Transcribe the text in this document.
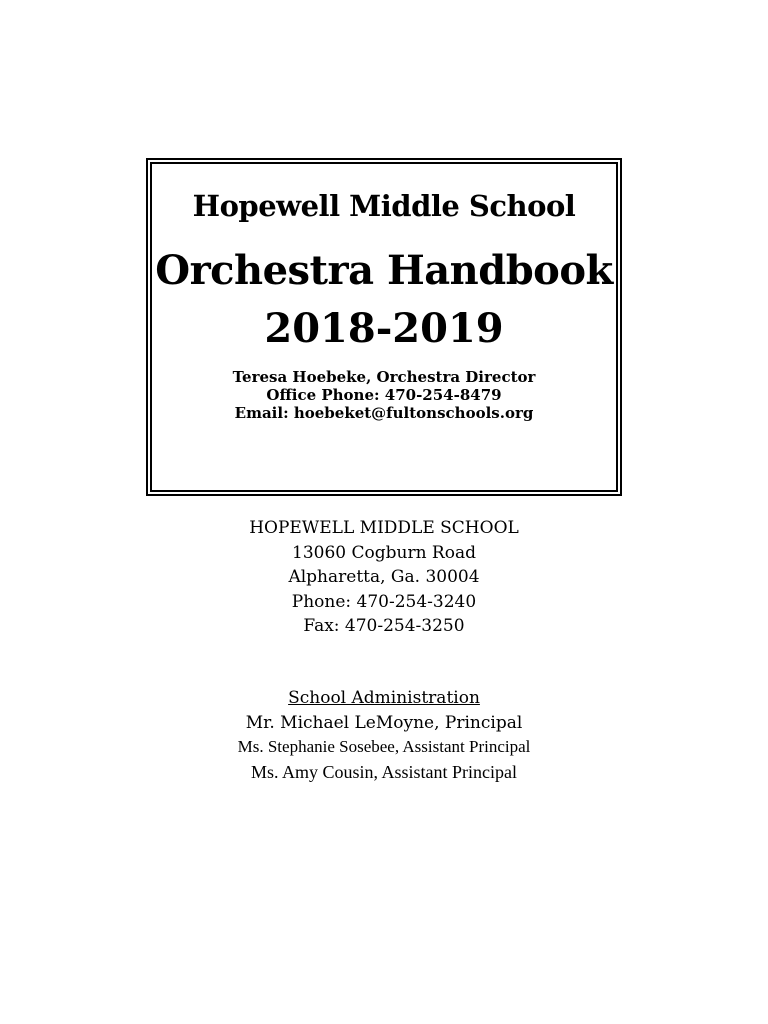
Hopewell Middle School
Orchestra Handbook
2018-2019
Teresa Hoebeke, Orchestra Director
Office Phone: 470-254-8479
Email: hoebeket@fultonschools.org
HOPEWELL MIDDLE SCHOOL
13060 Cogburn Road
Alpharetta, Ga. 30004
Phone: 470-254-3240
Fax: 470-254-3250
School Administration
Mr. Michael LeMoyne, Principal
Ms. Stephanie Sosebee, Assistant Principal
Ms. Amy Cousin, Assistant Principal
